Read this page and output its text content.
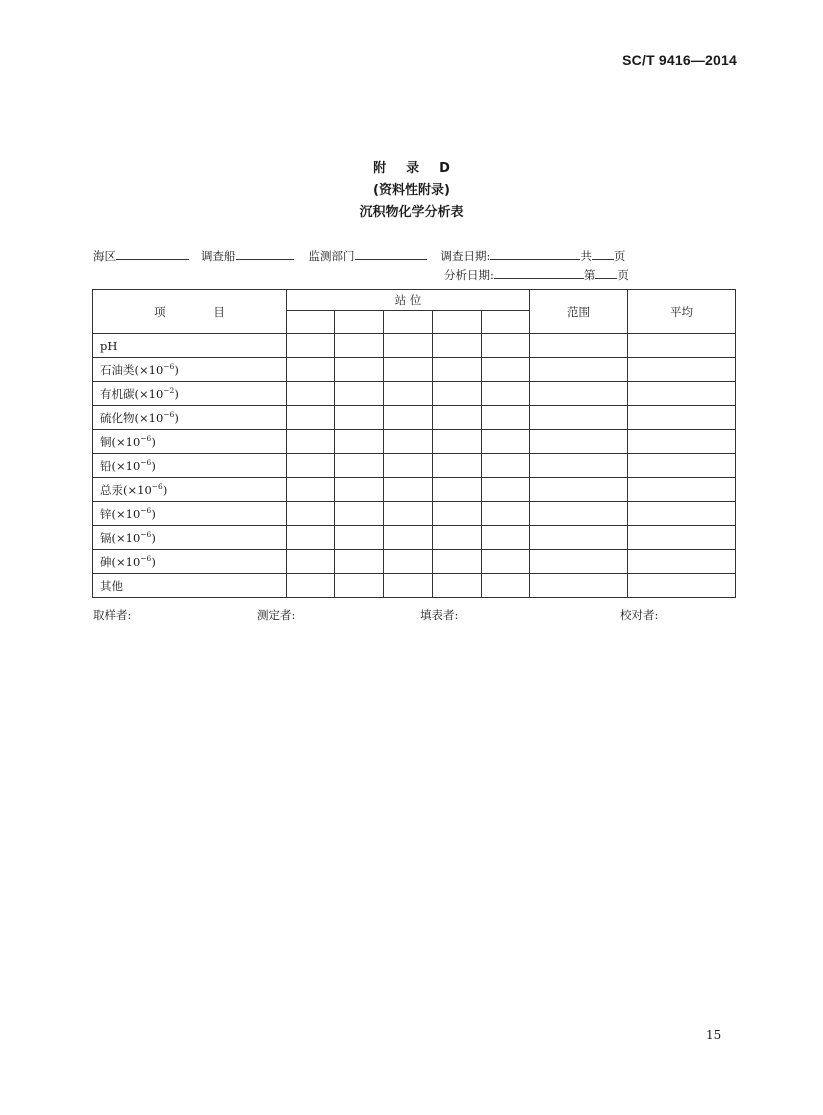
SC/T 9416—2014
附 录 D
(资料性附录)
沉积物化学分析表
海区	调查船	监测部门	调查日期:	共 页
分析日期:	第 页
项 目	站 位					范围	平均

pH							
石油类$(\times 10^{-6})$							
有机碳$(\times 10^{-2})$							
硫化物$(\times 10^{-6})$							
铜$(\times 10^{-6})$							
铅$(\times 10^{-6})$							
总汞$(\times 10^{-6})$							
锌$(\times 10^{-6})$							
镉$(\times 10^{-6})$							
砷$(\times 10^{-6})$							
其他							
取样者:	测定者:	填表者:	校对者:
15
